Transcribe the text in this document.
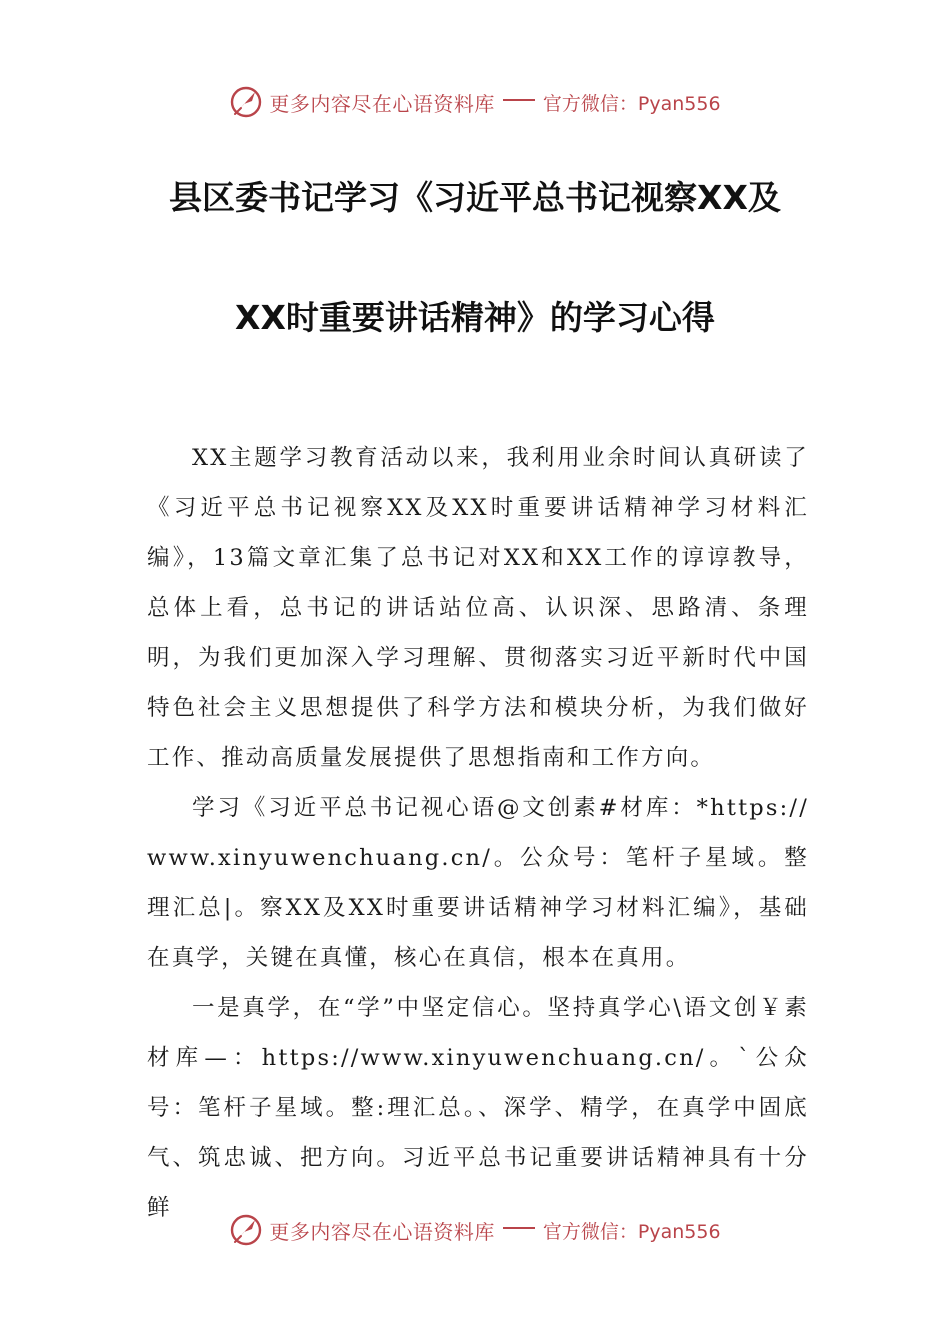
更多内容尽在心语资料库	官方微信：Pyan556
县区委书记学习《习近平总书记视察XX及
XX时重要讲话精神》的学习心得

XX主题学习教育活动以来，我利用业余时间认真研读了《习近平总书记视察XX及XX时重要讲话精神学习材料汇编》，13篇文章汇集了总书记对XX和XX工作的谆谆教导，总体上看，总书记的讲话站位高、认识深、思路清、条理明，为我们更加深入学习理解、贯彻落实习近平新时代中国特色社会主义思想提供了科学方法和模块分析，为我们做好工作、推动高质量发展提供了思想指南和工作方向。

学习《习近平总书记视心语@文创素#材库：*https://www.xinyuwenchuang.cn/。公众号：笔杆子星域。整理汇总|。察XX及XX时重要讲话精神学习材料汇编》，基础在真学，关键在真懂，核心在真信，根本在真用。

一是真学，在“学”中坚定信心。坚持真学心\语文创￥素材库—：https://www.xinyuwenchuang.cn/。`公众号：笔杆子星域。整:理汇总。、深学、精学，在真学中固底气、筑忠诚、把方向。习近平总书记重要讲话精神具有十分鲜

更多内容尽在心语资料库	官方微信：Pyan556
